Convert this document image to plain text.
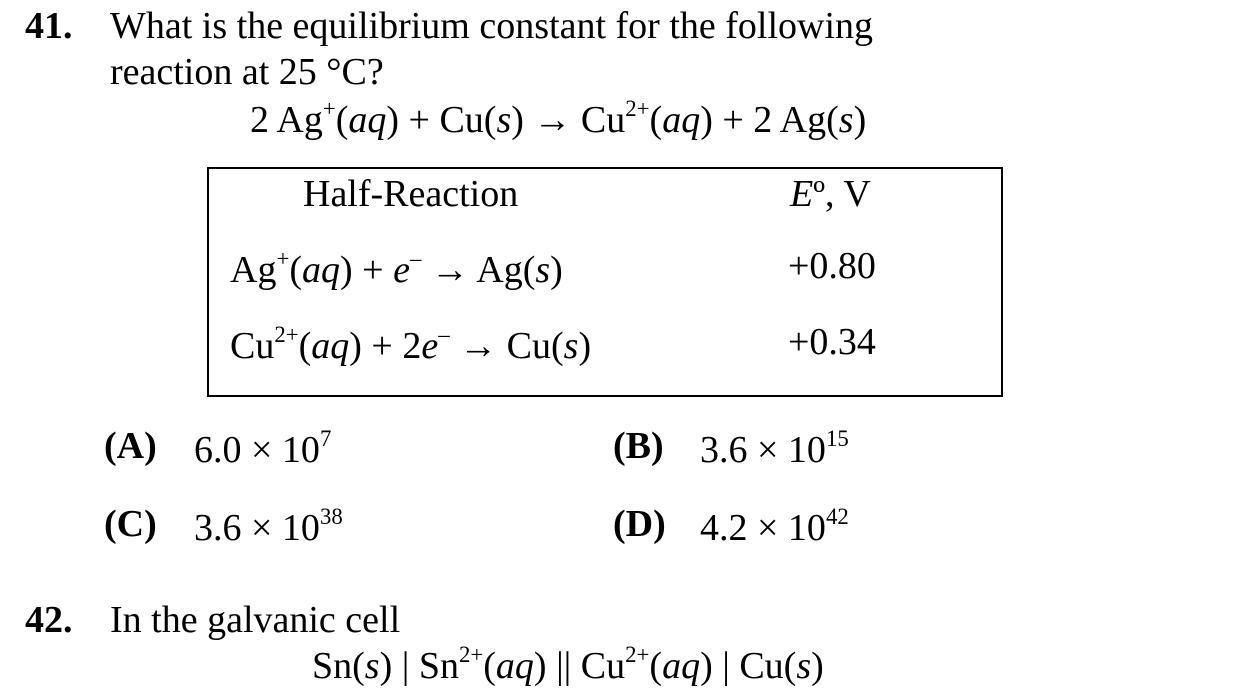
41. What is the equilibrium constant for the following
reaction at 25 °C?
2 $Ag^+(aq) + Cu(s) \to Cu^{2+}(aq) + 2$ Ag(s)
Half-Reaction	Eº, V
Ag+(aq) + e– → Ag(s)	+0.80
$Cu^{2+}(aq) + 2e^- \to Cu(s)$	+0.34
(A) $6.0 \times 10^7$	(B) $3.6 \times 10^{15}$
(C) $3.6 \times 10^{38}$	(D) $4.2 \times 10^{42}$
42. In the galvanic cell
Sn(s) | $Sn^{2+}(aq)$ || $Cu^{2+}(aq)$ | Cu(s)
